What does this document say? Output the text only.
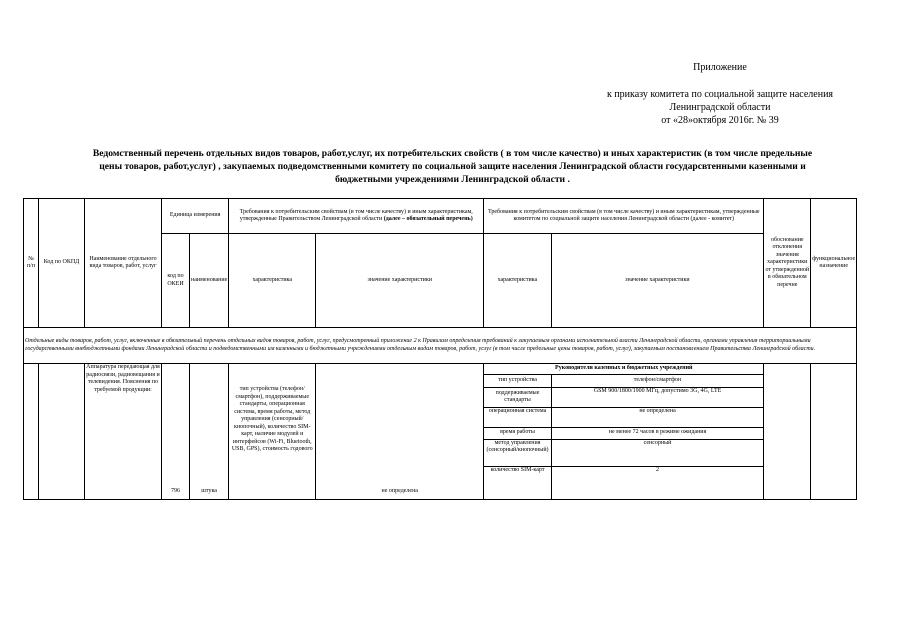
Приложение
к приказу комитета по социальной защите населения
Ленинградской области
от «28»октября 2016г. № 39
Ведомственный перечень отдельных видов товаров, работ,услуг, их потребительских свойств ( в том числе качество) и иных характеристик (в том числе предельные
цены товаров, работ,услуг) , закупаемых подведомственными комитету по социальной защите населения Ленинградской области государсвтенными казенными и
бюджетными учреждениями Ленинградской области .
№ п/п	Код по ОКПД	Наименование отдельного вида товаров, работ, услуг	Единица измерения	Требования к потребительским свойствам (в том числе качеству) и иным характеристикам, утвержденные Правительством Ленинградской области (далее – обязательный перечень)	Требования к потребительским свойствам (в том числе качеству) и иным характеристикам, утвержденные комитетом по социальной защите населения Ленинградской области (далее - комитет)	обоснование отклонения значения характеристики от утвержденной в обязательном перечне	функциональное назначение
код по ОКЕИ	наименование	характеристика	значение характеристики	характеристика	значение характеристики
Отдельные виды товаров, работ, услуг, включенные в обязательный перечень отдельных видов товаров, работ, услуг, предусмотренный приложение 2 к Правилам определения требований к закупаемым органами исполнительной власти Ленинградской области, органами управления территориальными государственными внебюджетными фондами Ленинградской области и подведомственными им казенными и бюджетными учреждениями отдельным видам товаров, работ, услуг (в том числе предельные цены товаров, работ, услуг), закупаемым постановлением Правительства Ленинградской области.
		Аппаратура передающая для радиосвязи, радиовещания и телевидения. Пояснения по требуемой продукции:	796	штука	тип устройства (телефон/смартфон), поддерживаемые стандарты, операционная система, время работы, метод управления (сенсорный/кнопочный), количество SIM-карт, наличие модулей и интерфейсов (Wi-Fi, Bluetooth, USB, GPS), стоимость годового	не определена	
Руководители казенных и бюджетных учреждений
тип устройства	телефон/смартфон
поддерживаемые стандарты	GSM 900/1800/1900 МГц, допустимо 3G, 4G, LTE
операционная система	не определена
время работы	не менее 72 часов в режиме ожидания
метод управления (сенсорный/кнопочный)	сенсорный
количество SIM-карт	2
